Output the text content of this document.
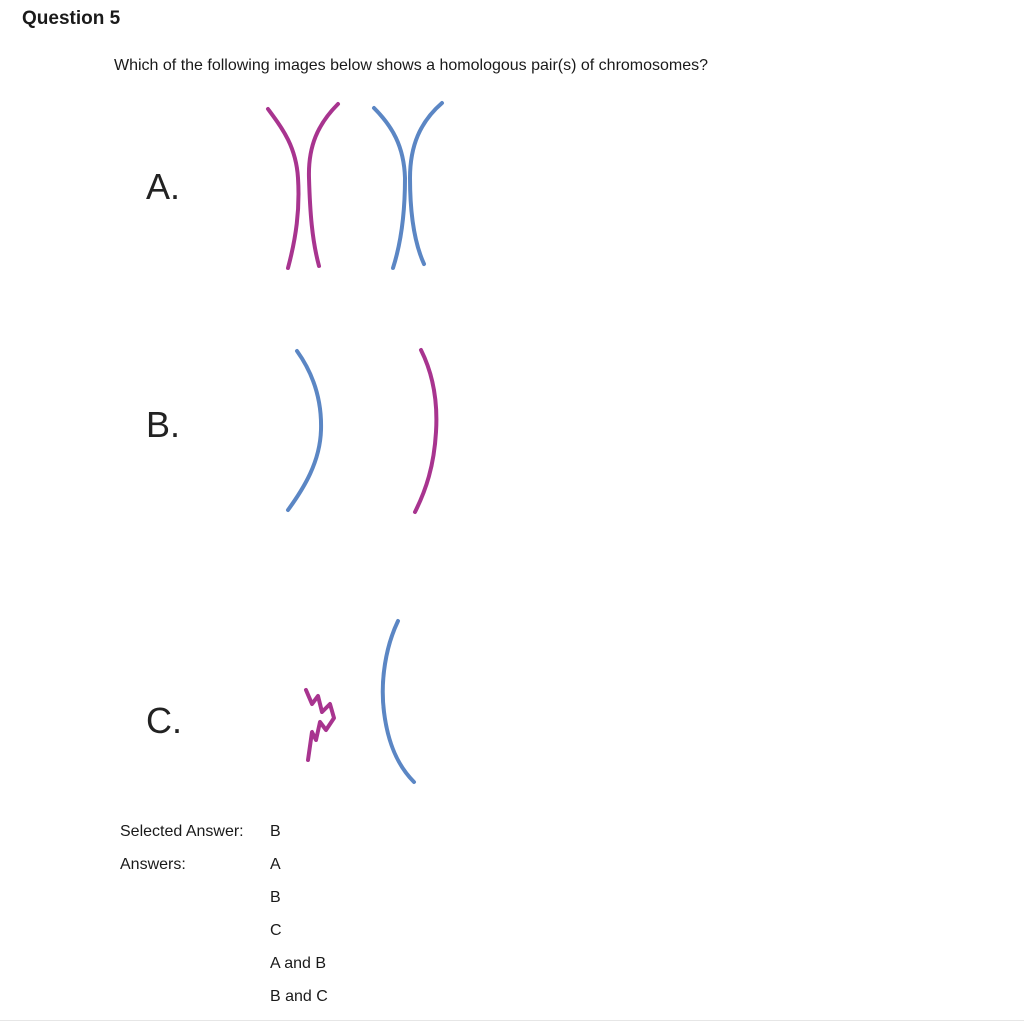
Question 5
Which of the following images below shows a homologous pair(s) of chromosomes?
A.
B.
C.
Selected Answer: B
Answers:	A
B
C
A and B
B and C
